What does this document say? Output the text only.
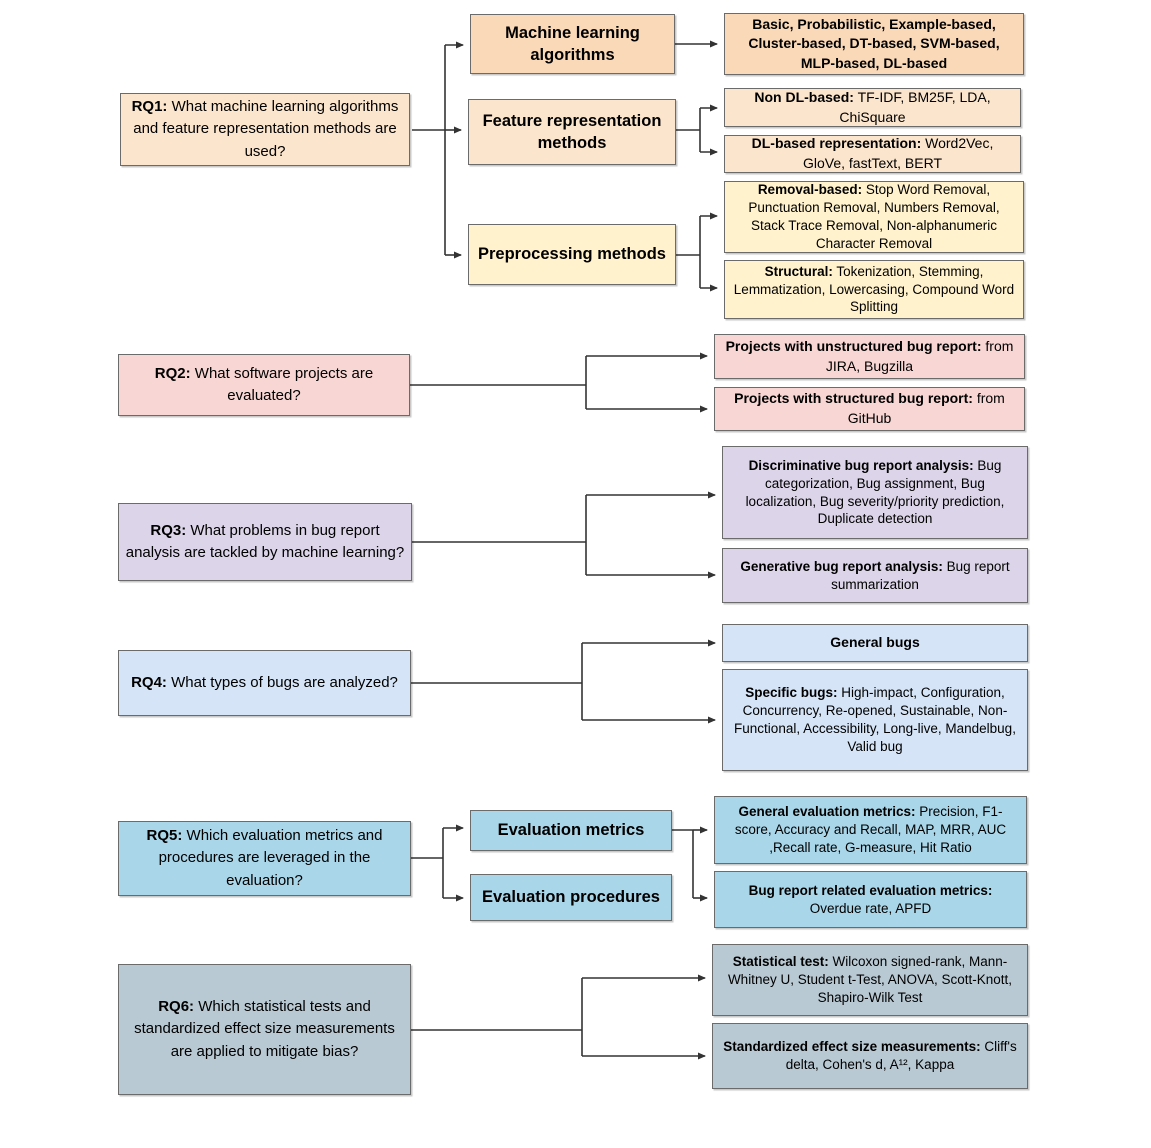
RQ1: What machine learning algorithms and feature representation methods are used?
Machine learning algorithms
Basic, Probabilistic, Example-based, Cluster-based, DT-based, SVM-based, MLP-based, DL-based
Feature representation methods
Non DL-based: TF-IDF, BM25F, LDA, ChiSquare
DL-based representation: Word2Vec, GloVe, fastText, BERT
Preprocessing methods
Removal-based: Stop Word Removal, Punctuation Removal, Numbers Removal, Stack Trace Removal, Non-alphanumeric Character Removal
Structural: Tokenization, Stemming, Lemmatization, Lowercasing, Compound Word Splitting
RQ2: What software projects are evaluated?
Projects with unstructured bug report: from JIRA, Bugzilla
Projects with structured bug report: from GitHub
RQ3: What problems in bug report analysis are tackled by machine learning?
Discriminative bug report analysis: Bug categorization, Bug assignment, Bug localization, Bug severity/priority prediction, Duplicate detection
Generative bug report analysis: Bug report summarization
RQ4: What types of bugs are analyzed?
General bugs
Specific bugs: High-impact, Configuration, Concurrency, Re-opened, Sustainable, Non-Functional, Accessibility, Long-live, Mandelbug, Valid bug
RQ5: Which evaluation metrics and procedures are leveraged in the evaluation?
Evaluation metrics
Evaluation procedures
General evaluation metrics: Precision, F1-score, Accuracy and Recall, MAP, MRR, AUC ,Recall rate, G-measure, Hit Ratio
Bug report related evaluation metrics: Overdue rate, APFD
RQ6: Which statistical tests and standardized effect size measurements are applied to mitigate bias?
Statistical test: Wilcoxon signed-rank, Mann-Whitney U, Student t-Test, ANOVA, Scott-Knott, Shapiro-Wilk Test
Standardized effect size measurements: Cliff's delta, Cohen's d, A¹², Kappa
